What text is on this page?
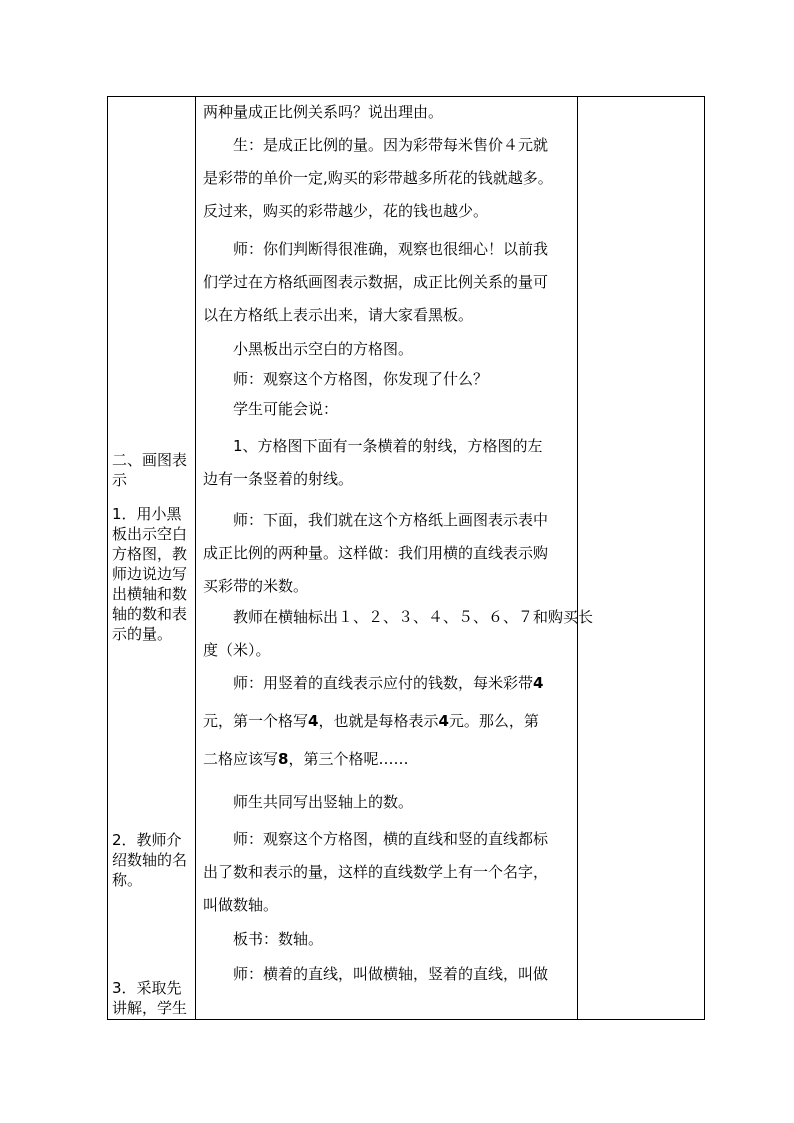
二、画图表示
1．用小黑板出示空白方格图，教师边说边写出横轴和数轴的数和表示的量。
2．教师介绍数轴的名称。
3．采取先讲解，学生
两种量成正比例关系吗？说出理由。
生：是成正比例的量。因为彩带每米售价４元就
是彩带的单价一定,购买的彩带越多所花的钱就越多。
反过来，购买的彩带越少，花的钱也越少。
师：你们判断得很准确，观察也很细心！以前我
们学过在方格纸画图表示数据，成正比例关系的量可
以在方格纸上表示出来，请大家看黑板。
小黑板出示空白的方格图。
师：观察这个方格图，你发现了什么？
学生可能会说：
1、方格图下面有一条横着的射线，方格图的左
边有一条竖着的射线。
师：下面，我们就在这个方格纸上画图表示表中
成正比例的两种量。这样做：我们用横的直线表示购
买彩带的米数。
教师在横轴标出１、２、３、４、５、６、７和购买长
度（米）。
师：用竖着的直线表示应付的钱数，每米彩带4
元，第一个格写4，也就是每格表示4元。那么，第
二格应该写8，第三个格呢……
师生共同写出竖轴上的数。
师：观察这个方格图，横的直线和竖的直线都标
出了数和表示的量，这样的直线数学上有一个名字，
叫做数轴。
板书：数轴。
师：横着的直线，叫做横轴，竖着的直线，叫做
